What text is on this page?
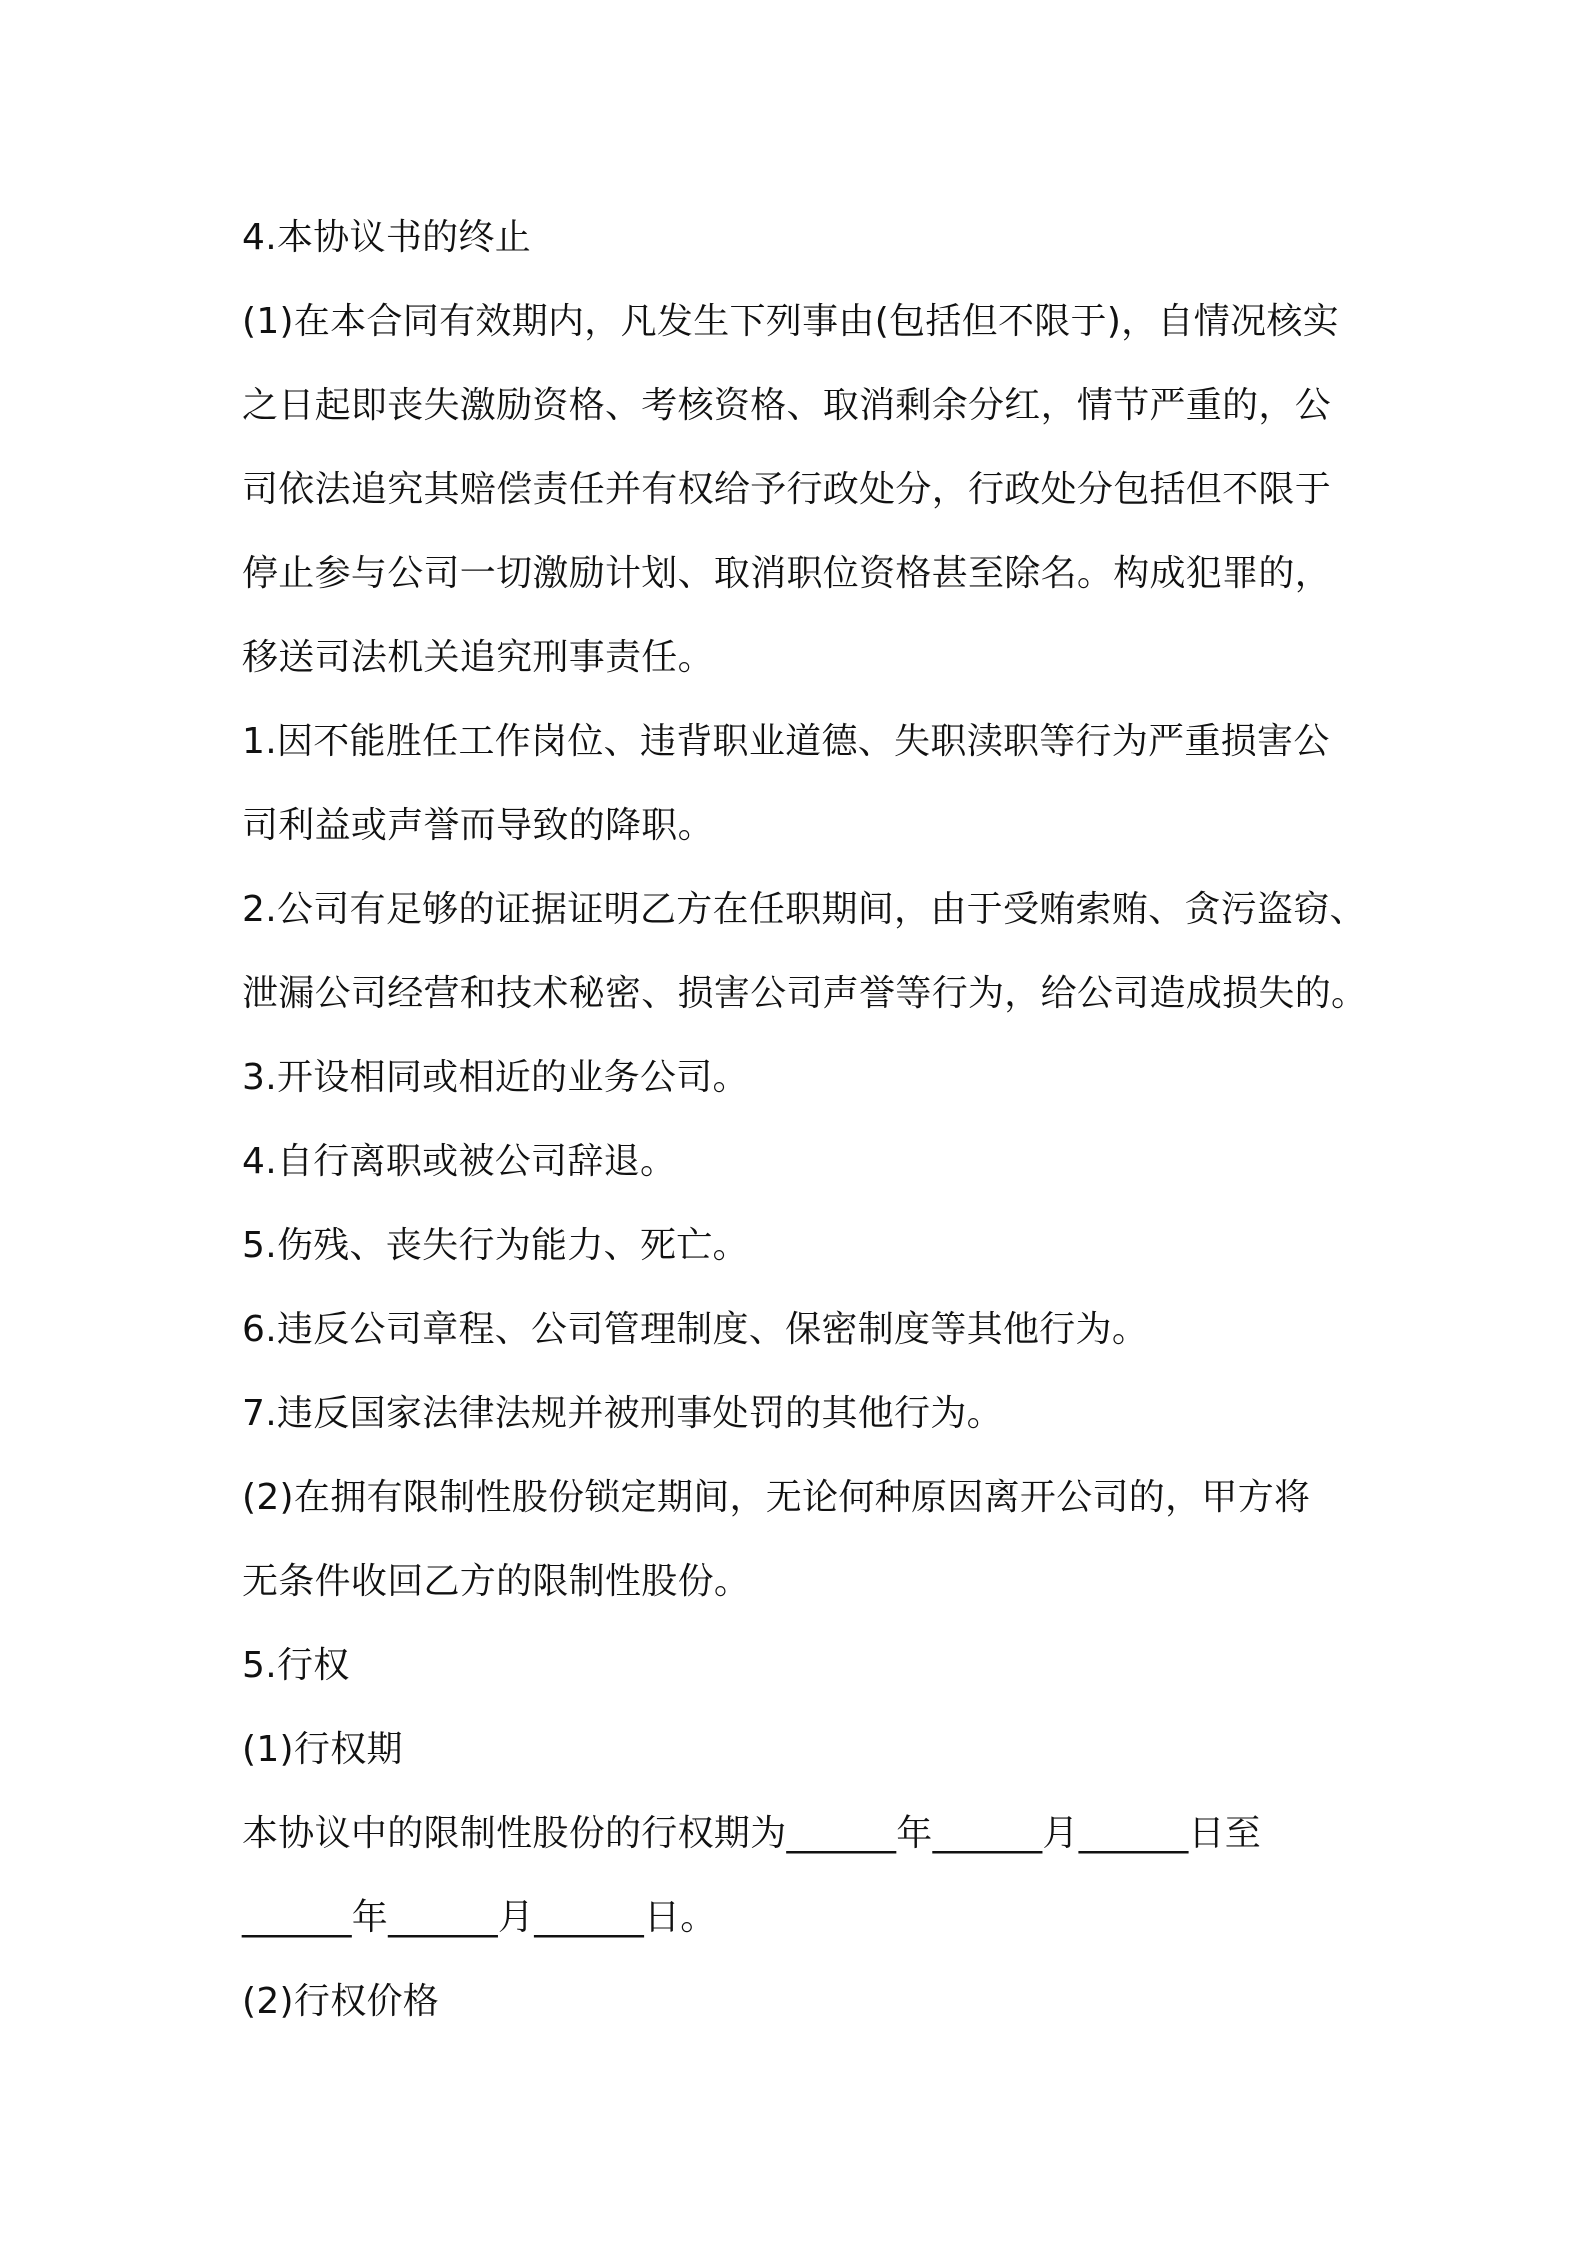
4.本协议书的终止
(1)在本合同有效期内，凡发生下列事由(包括但不限于)，自情况核实
之日起即丧失激励资格、考核资格、取消剩余分红，情节严重的，公
司依法追究其赔偿责任并有权给予行政处分，行政处分包括但不限于
停止参与公司一切激励计划、取消职位资格甚至除名。构成犯罪的，
移送司法机关追究刑事责任。
1.因不能胜任工作岗位、违背职业道德、失职渎职等行为严重损害公
司利益或声誉而导致的降职。
2.公司有足够的证据证明乙方在任职期间，由于受贿索贿、贪污盗窃、
泄漏公司经营和技术秘密、损害公司声誉等行为，给公司造成损失的。
3.开设相同或相近的业务公司。
4.自行离职或被公司辞退。
5.伤残、丧失行为能力、死亡。
6.违反公司章程、公司管理制度、保密制度等其他行为。
7.违反国家法律法规并被刑事处罚的其他行为。
(2)在拥有限制性股份锁定期间，无论何种原因离开公司的，甲方将
无条件收回乙方的限制性股份。
5.行权
(1)行权期
本协议中的限制性股份的行权期为______年______月______日至
______年______月______日。
(2)行权价格
